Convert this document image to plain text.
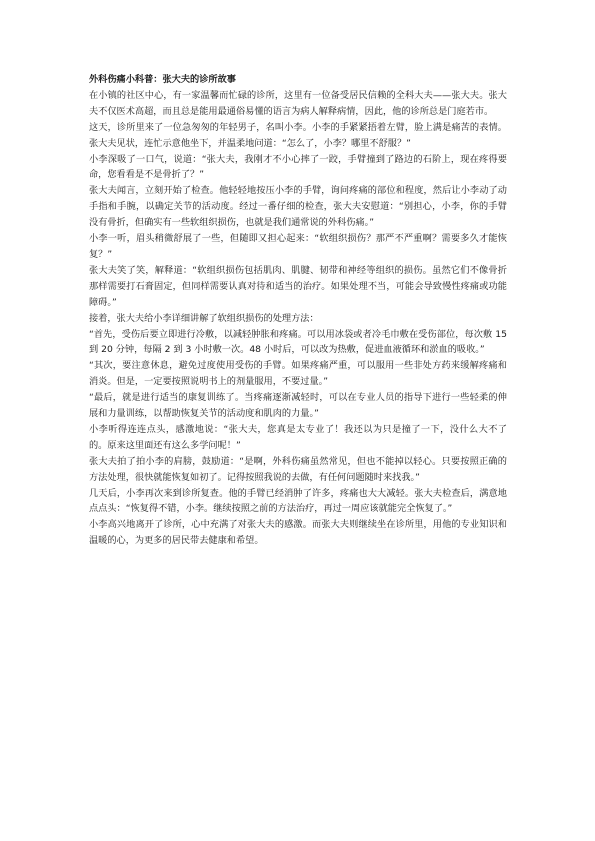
外科伤痛小科普：张大夫的诊所故事

在小镇的社区中心，有一家温馨而忙碌的诊所，这里有一位备受居民信赖的全科大夫——张大夫。张大夫不仅医术高超，而且总是能用最通俗易懂的语言为病人解释病情，因此，他的诊所总是门庭若市。

这天，诊所里来了一位急匆匆的年轻男子，名叫小李。小李的手紧紧捂着左臂，脸上满是痛苦的表情。张大夫见状，连忙示意他坐下，并温柔地问道：“怎么了，小李？哪里不舒服？”

小李深吸了一口气，说道：“张大夫，我刚才不小心摔了一跤，手臂撞到了路边的石阶上，现在疼得要命，您看看是不是骨折了？”

张大夫闻言，立刻开始了检查。他轻轻地按压小李的手臂，询问疼痛的部位和程度，然后让小李动了动手指和手腕，以确定关节的活动度。经过一番仔细的检查，张大夫安慰道：“别担心，小李，你的手臂没有骨折，但确实有一些软组织损伤，也就是我们通常说的外科伤痛。”

小李一听，眉头稍微舒展了一些，但随即又担心起来：“软组织损伤？那严不严重啊？需要多久才能恢复？”

张大夫笑了笑，解释道：“软组织损伤包括肌肉、肌腱、韧带和神经等组织的损伤。虽然它们不像骨折那样需要打石膏固定，但同样需要认真对待和适当的治疗。如果处理不当，可能会导致慢性疼痛或功能障碍。”

接着，张大夫给小李详细讲解了软组织损伤的处理方法：

“首先，受伤后要立即进行冷敷，以减轻肿胀和疼痛。可以用冰袋或者冷毛巾敷在受伤部位，每次敷 15 到 20 分钟，每隔 2 到 3 小时敷一次。48 小时后，可以改为热敷，促进血液循环和淤血的吸收。”

“其次，要注意休息，避免过度使用受伤的手臂。如果疼痛严重，可以服用一些非处方药来缓解疼痛和消炎。但是，一定要按照说明书上的剂量服用，不要过量。”

“最后，就是进行适当的康复训练了。当疼痛逐渐减轻时，可以在专业人员的指导下进行一些轻柔的伸展和力量训练，以帮助恢复关节的活动度和肌肉的力量。”

小李听得连连点头，感激地说：“张大夫，您真是太专业了！我还以为只是撞了一下，没什么大不了的。原来这里面还有这么多学问呢！”

张大夫拍了拍小李的肩膀，鼓励道：“是啊，外科伤痛虽然常见，但也不能掉以轻心。只要按照正确的方法处理，很快就能恢复如初了。记得按照我说的去做，有任何问题随时来找我。”

几天后，小李再次来到诊所复查。他的手臂已经消肿了许多，疼痛也大大减轻。张大夫检查后，满意地点点头：“恢复得不错，小李。继续按照之前的方法治疗，再过一周应该就能完全恢复了。”

小李高兴地离开了诊所，心中充满了对张大夫的感激。而张大夫则继续坐在诊所里，用他的专业知识和温暖的心，为更多的居民带去健康和希望。
